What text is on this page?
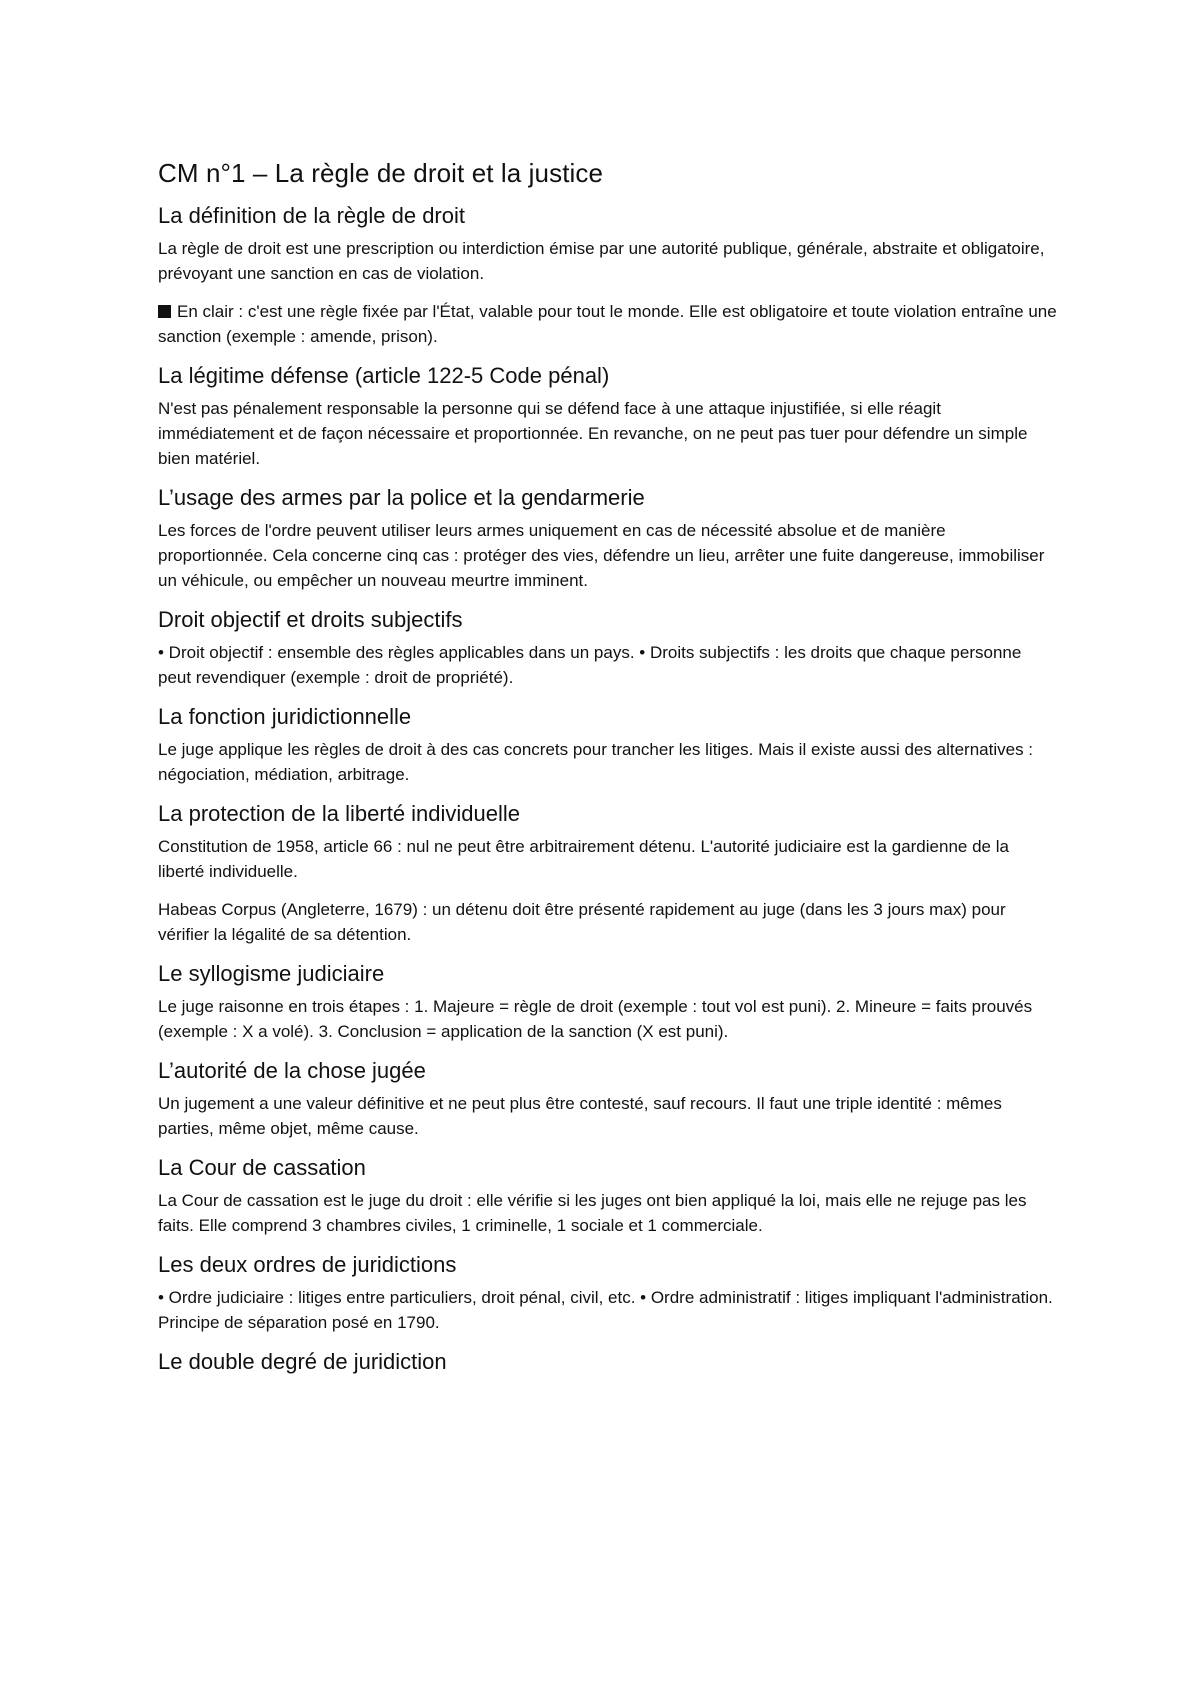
CM n°1 – La règle de droit et la justice
La définition de la règle de droit

La règle de droit est une prescription ou interdiction émise par une autorité publique, générale, abstraite et obligatoire, prévoyant une sanction en cas de violation.

En clair : c'est une règle fixée par l'État, valable pour tout le monde. Elle est obligatoire et toute violation entraîne une sanction (exemple : amende, prison).

La légitime défense (article 122-5 Code pénal)

N'est pas pénalement responsable la personne qui se défend face à une attaque injustifiée, si elle réagit immédiatement et de façon nécessaire et proportionnée. En revanche, on ne peut pas tuer pour défendre un simple bien matériel.

L’usage des armes par la police et la gendarmerie

Les forces de l'ordre peuvent utiliser leurs armes uniquement en cas de nécessité absolue et de manière proportionnée. Cela concerne cinq cas : protéger des vies, défendre un lieu, arrêter une fuite dangereuse, immobiliser un véhicule, ou empêcher un nouveau meurtre imminent.

Droit objectif et droits subjectifs

• Droit objectif : ensemble des règles applicables dans un pays. • Droits subjectifs : les droits que chaque personne peut revendiquer (exemple : droit de propriété).

La fonction juridictionnelle

Le juge applique les règles de droit à des cas concrets pour trancher les litiges. Mais il existe aussi des alternatives : négociation, médiation, arbitrage.

La protection de la liberté individuelle

Constitution de 1958, article 66 : nul ne peut être arbitrairement détenu. L'autorité judiciaire est la gardienne de la liberté individuelle.

Habeas Corpus (Angleterre, 1679) : un détenu doit être présenté rapidement au juge (dans les 3 jours max) pour vérifier la légalité de sa détention.

Le syllogisme judiciaire

Le juge raisonne en trois étapes : 1. Majeure = règle de droit (exemple : tout vol est puni). 2. Mineure = faits prouvés (exemple : X a volé). 3. Conclusion = application de la sanction (X est puni).

L’autorité de la chose jugée

Un jugement a une valeur définitive et ne peut plus être contesté, sauf recours. Il faut une triple identité : mêmes parties, même objet, même cause.

La Cour de cassation

La Cour de cassation est le juge du droit : elle vérifie si les juges ont bien appliqué la loi, mais elle ne rejuge pas les faits. Elle comprend 3 chambres civiles, 1 criminelle, 1 sociale et 1 commerciale.

Les deux ordres de juridictions

• Ordre judiciaire : litiges entre particuliers, droit pénal, civil, etc. • Ordre administratif : litiges impliquant l'administration. Principe de séparation posé en 1790.

Le double degré de juridiction
